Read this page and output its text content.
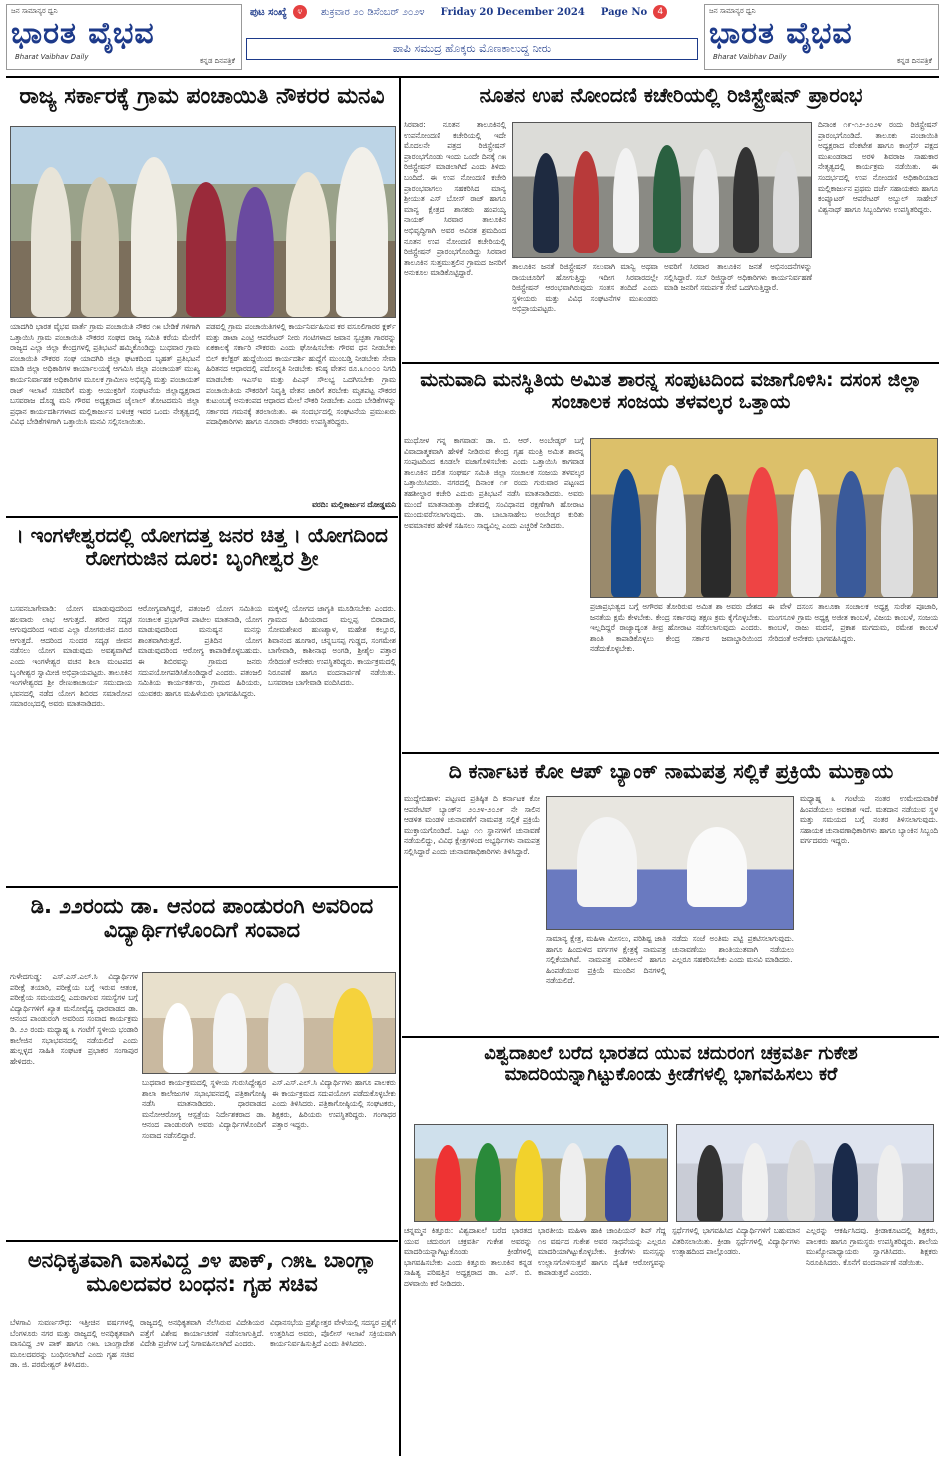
ಜನ ಸಾಮಾನ್ಯರ ಧ್ವನಿ
ಭಾರತ ವೈಭವ
Bharat Vaibhav Daily	ಕನ್ನಡ ದಿನಪತ್ರಿಕೆ
ಜನ ಸಾಮಾನ್ಯರ ಧ್ವನಿ
ಭಾರತ ವೈಭವ
Bharat Vaibhav Daily	ಕನ್ನಡ ದಿನಪತ್ರಿಕೆ
ಪುಟ ಸಂಖ್ಯೆ	೪	ಶುಕ್ರವಾರ ೨೦ ಡಿಸೆಂಬರ್ ೨೦೨೪ Friday 20 December 2024 Page No	4
ಪಾಪಿ ಸಮುದ್ರ ಹೊಕ್ಕರು ಮೊಣಕಾಲುದ್ದ ನೀರು
ರಾಜ್ಯ ಸರ್ಕಾರಕ್ಕೆ ಗ್ರಾಮ ಪಂಚಾಯಿತಿ ನೌಕರರ ಮನವಿ
ಯಾದಗಿರಿ ಭಾರತ ವೈಭವ ವಾರ್ತೆ ಗ್ರಾಮ ಪಂಚಾಯಿತಿ ನೌಕರ ೧೫ ಬೇಡಿಕೆ ಗಳಿಗಾಗಿ ಒತ್ತಾಯಿಸಿ ಗ್ರಾಮ ಪಂಚಾಯಿತಿ ನೌಕರರ ಸಂಘದ ರಾಜ್ಯ ಸಮಿತಿ ಕರೆಯ ಮೇರೆಗೆ ರಾಜ್ಯದ ಎಲ್ಲಾ ಜಿಲ್ಲಾ ಕೇಂದ್ರಗಳಲ್ಲಿ ಪ್ರತಿಭಟನೆ ಹಮ್ಮಿಕೊಂಡಿದ್ದು ಬುಧವಾರ ಗ್ರಾಮ ಪಂಚಾಯಿತಿ ನೌಕರರ ಸಂಘ ಯಾದಗಿರಿ ಜಿಲ್ಲಾ ಘಟಕದಿಂದ ಬೃಹತ್ ಪ್ರತಿಭಟನೆ ಮಾಡಿ ಜಿಲ್ಲಾ ಅಧಿಕಾರಿಗಳ ಕಾರ್ಯಾಲಯಕ್ಕೆ ಆಗಮಿಸಿ ಜಿಲ್ಲಾ ಪಂಚಾಯತ್ ಮುಖ್ಯ ಕಾರ್ಯನಿರ್ವಾಹಕ ಅಧಿಕಾರಿಗಳ ಮೂಲಕ ಗ್ರಾಮೀಣ ಅಭಿವೃದ್ಧಿ ಮತ್ತು ಪಂಚಾಯತ್ ರಾಜ್ ಇಲಾಖೆ ಸಚಿವರಿಗೆ ಮತ್ತು ಆಯುಕ್ತರಿಗೆ ಸಂಘಟನೆಯ ಜಿಲ್ಲಾಧ್ಯಕ್ಷರಾದ ಬಸವರಾಜ ದೊಡ್ಡ ಮನಿ ಗೌರವ ಅಧ್ಯಕ್ಷರಾದ ಜೈಲಾಲ್ ತೋಟದಮನಿ ಜಿಲ್ಲಾ ಪ್ರಧಾನ ಕಾರ್ಯದರ್ಶಿಗಳಾದ ಮಲ್ಲಿಕಾರ್ಜುನ ಬಳಿಚಕ್ರ ಇವರ ಒಂದು ನೇತೃತ್ವದಲ್ಲಿ ವಿವಿಧ ಬೇಡಿಕೆಗಳಿಗಾಗಿ ಒತ್ತಾಯಿಸಿ ಮನವಿ ಸಲ್ಲಿಸಲಾಯಿತು.
ಪಡವಲ್ಲಿ ಗ್ರಾಮ ಪಂಚಾಯಿತಿಗಳಲ್ಲಿ ಕಾರ್ಯನಿರ್ವಹಿಸುವ ಕರ ವಸೂಲಿಗಾರರ ಕ್ಲರ್ಕ್ ಮತ್ತು ಡಾಟಾ ಎಂಟ್ರಿ ಆಪರೇಟರ್ ನೀರು ಗಂಟಿಗಳಾದ ಜವಾನ ಸ್ವಚ್ಛತಾ ಗಾರರನ್ನು ಏಕಕಾಲಕ್ಕೆ ಸರ್ಕಾರಿ ನೌಕರರು ಎಂದು ಘೋಷಿಸಬೇಕು ಗೌರವ ಧನ ನೀಡಬೇಕು ಬಿಲ್ ಕಲೆಕ್ಟರ್ ಹುದ್ದೆಯಿಂದ ಕಾರ್ಯದರ್ಶಿ ಹುದ್ದೆಗೆ ಮುಂಬಡ್ತಿ ನೀಡಬೇಕು ಸೇವಾ ಹಿರಿತನದ ಆಧಾರದಲ್ಲಿ ಪದೋನ್ನತಿ ನೀಡಬೇಕು ಕನಿಷ್ಠ ವೇತನ ರೂ.೩೧೦೦೦ ನಿಗದಿ ಮಾಡಬೇಕು ಇಎಸ್ಐ ಮತ್ತು ಪಿಎಫ್ ಸೌಲಭ್ಯ ಒದಗಿಸಬೇಕು ಗ್ರಾಮ ಪಂಚಾಯಿತಿಯ ನೌಕರರಿಗೆ ನಿವೃತ್ತಿ ವೇತನ ಜಾರಿಗೆ ತರಬೇಕು ಮೃತಪಟ್ಟ ನೌಕರರ ಕುಟುಂಬಕ್ಕೆ ಅನುಕಂಪದ ಆಧಾರದ ಮೇಲೆ ನೌಕರಿ ನೀಡಬೇಕು ಎಂದು ಬೇಡಿಕೆಗಳನ್ನು ಸರ್ಕಾರದ ಗಮನಕ್ಕೆ ತರಲಾಯಿತು. ಈ ಸಂದರ್ಭದಲ್ಲಿ ಸಂಘಟನೆಯ ಪ್ರಮುಖರು ಪದಾಧಿಕಾರಿಗಳು ಹಾಗೂ ನೂರಾರು ನೌಕರರು ಉಪಸ್ಥಿತರಿದ್ದರು.
ವರದಿ: ಮಲ್ಲಿಕಾರ್ಜುನ ದೋಡ್ಡಮನಿ
। ಇಂಗಳೇಶ್ವರದಲ್ಲಿ ಯೋಗದತ್ತ ಜನರ ಚಿತ್ತ । ಯೋಗದಿಂದ ರೋಗರುಜಿನ ದೂರ: ಬೃಂಗೀಶ್ವರ ಶ್ರೀ
ಬಸವನಬಾಗೇವಾಡಿ: ಯೋಗ ಮಾಡುವುದರಿಂದ ಹಲವಾರು ಲಾಭ ಆಗುತ್ತದೆ. ಶರೀರ ಸದೃಢ ಆಗುವುದರಿಂದ ಇರುವ ಎಲ್ಲಾ ರೋಗರುಜಿನ ದೂರ ಆಗುತ್ತದೆ. ಆದರಿಂದ ಸುಂದರ ಸದೃಢ ಜೀವನ ನಡೆಸಲು ಯೋಗ ಮಾಡುವುದು ಅವಶ್ಯವಾಗಿದೆ ಎಂದು ಇಂಗಳೇಶ್ವರ ವಚನ ಶಿಲಾ ಮಂಟಪದ ಬೃಂಗೀಶ್ವರ ಸ್ವಾಮೀಜಿ ಅಭಿಪ್ರಾಯಪಟ್ಟರು. ತಾಲೂಕಿನ ಇಂಗಳೇಶ್ವರದ ಶ್ರೀ ರೇಣುಕಾಚಾರ್ಯ ಸಮುದಾಯ ಭವನದಲ್ಲಿ ನಡೆದ ಯೋಗ ಶಿಬಿರದ ಸಮಾರೋಪ ಸಮಾರಂಭದಲ್ಲಿ ಅವರು ಮಾತನಾಡಿದರು.
ಆರೋಗ್ಯವಾಗಿದ್ದರೆ, ಪತಂಜಲಿ ಯೋಗ ಸಮಿತಿಯ ಸಂಚಾಲಕ ಪ್ರಭಾಗೌಡ ಪಾಟೀಲ ಮಾತನಾಡಿ, ಯೋಗ ಮಾಡುವುದರಿಂದ ಮನುಷ್ಯನ ಮನಸ್ಸು ಶಾಂತವಾಗಿರುತ್ತದೆ. ಪ್ರತಿದಿನ ಯೋಗ ಮಾಡುವುದರಿಂದ ಆರೋಗ್ಯ ಕಾಪಾಡಿಕೊಳ್ಳಬಹುದು. ಈ ಶಿಬಿರವನ್ನು ಗ್ರಾಮದ ಜನರು ಸದುಪಯೋಗಪಡಿಸಿಕೊಂಡಿದ್ದಾರೆ ಎಂದರು. ಪತಂಜಲಿ ಸಮಿತಿಯ ಕಾರ್ಯಕರ್ತರು, ಗ್ರಾಮದ ಹಿರಿಯರು, ಯುವಕರು ಹಾಗೂ ಮಹಿಳೆಯರು ಭಾಗವಹಿಸಿದ್ದರು.
ಮಕ್ಕಳಲ್ಲಿ ಯೋಗದ ಜಾಗೃತಿ ಮೂಡಿಸಬೇಕು ಎಂದರು. ಗ್ರಾಮದ ಹಿರಿಯರಾದ ಮಲ್ಲಪ್ಪ ಬಿರಾದಾರ, ಸೋಮಶೇಖರ ಹುಣಶ್ಯಾಳ, ಮಹೇಶ ಕಲ್ಲೂರ, ಶಿವಾನಂದ ಹೂಗಾರ, ಚನ್ನಬಸಪ್ಪ ಗುಡ್ಡದ, ಸಂಗಮೇಶ ಬಾಗೇವಾಡಿ, ಕಾಶೀನಾಥ ಅಂಗಡಿ, ಶ್ರೀಶೈಲ ಪತ್ತಾರ ಸೇರಿದಂತೆ ಅನೇಕರು ಉಪಸ್ಥಿತರಿದ್ದರು. ಕಾರ್ಯಕ್ರಮದಲ್ಲಿ ನಿರೂಪಣೆ ಹಾಗೂ ವಂದನಾರ್ಪಣೆ ನಡೆಯಿತು. ಬಸವರಾಜ ಬಾಗೇವಾಡಿ ವಂದಿಸಿದರು.
ಡಿ. ೨೨ರಂದು ಡಾ. ಆನಂದ ಪಾಂಡುರಂಗಿ ಅವರಿಂದ ವಿದ್ಯಾರ್ಥಿಗಳೊಂದಿಗೆ ಸಂವಾದ
ಗುಳೇದಗುಡ್ಡ: ಎಸ್.ಎಸ್.ಎಲ್.ಸಿ ವಿದ್ಯಾರ್ಥಿಗಳ ಪರೀಕ್ಷೆ ತಯಾರಿ, ಪರೀಕ್ಷೆಯ ಬಗ್ಗೆ ಇರುವ ಆತಂಕ, ಪರೀಕ್ಷೆಯ ಸಮಯದಲ್ಲಿ ಎದುರಾಗುವ ಸಮಸ್ಯೆಗಳ ಬಗ್ಗೆ ವಿದ್ಯಾರ್ಥಿಗಳಿಗೆ ಖ್ಯಾತ ಮನೋವೈದ್ಯ ಧಾರವಾಡದ ಡಾ. ಆನಂದ ಪಾಂಡುರಂಗಿ ಅವರಿಂದ ಸಂವಾದ ಕಾರ್ಯಕ್ರಮ ಡಿ. ೨೨ ರಂದು ಮಧ್ಯಾಹ್ನ ೩ ಗಂಟೆಗೆ ಸ್ಥಳೀಯ ಭಂಡಾರಿ ಕಾಲೇಜಿನ ಸಭಾಭವನದಲ್ಲಿ ನಡೆಯಲಿದೆ ಎಂದು ಹುಲ್ಲಳ್ಳದ ಸಾಹಿತಿ ಸಂಘಟಕ ಪ್ರಭಾಕರ ಸಂಗಾಪುರ ಹೇಳಿದರು.
ಬುಧವಾರ ಕಾರ್ಯಕ್ರಮದಲ್ಲಿ ಸ್ಥಳೀಯ ಗುರುಸಿದ್ದೇಶ್ವರ ಶಾಲಾ ಕಾಲೇಜುಗಳ ಸಭಾಭವನದಲ್ಲಿ ಪತ್ರಿಕಾಗೋಷ್ಠಿ ನಡೆಸಿ ಮಾತನಾಡಿದರು. ಧಾರವಾಡದ ಮನೋಆರೋಗ್ಯ ಆಸ್ಪತ್ರೆಯ ನಿರ್ದೇಶಕರಾದ ಡಾ. ಆನಂದ ಪಾಂಡುರಂಗಿ ಅವರು ವಿದ್ಯಾರ್ಥಿಗಳೊಂದಿಗೆ ಸಂವಾದ ನಡೆಸಲಿದ್ದಾರೆ.
ಎಸ್.ಎಸ್.ಎಲ್.ಸಿ ವಿದ್ಯಾರ್ಥಿಗಳು ಹಾಗೂ ಪಾಲಕರು ಈ ಕಾರ್ಯಕ್ರಮದ ಸದುಪಯೋಗ ಪಡೆದುಕೊಳ್ಳಬೇಕು ಎಂದು ತಿಳಿಸಿದರು. ಪತ್ರಿಕಾಗೋಷ್ಠಿಯಲ್ಲಿ ಸಂಘಟಕರು, ಶಿಕ್ಷಕರು, ಹಿರಿಯರು ಉಪಸ್ಥಿತರಿದ್ದರು. ಗಂಗಾಧರ ಪತ್ತಾರ ಇದ್ದರು.
ಅನಧಿಕೃತವಾಗಿ ವಾಸವಿದ್ದ ೨೪ ಪಾಕ್, ೧೫೬ ಬಾಂಗ್ಲಾ ಮೂಲದವರ ಬಂಧನ: ಗೃಹ ಸಚಿವ
ಬೆಳಗಾವಿ ಸುವರ್ಣಸೌಧ: ಇತ್ತೀಚಿನ ವರ್ಷಗಳಲ್ಲಿ ಬೆಂಗಳೂರು ನಗರ ಮತ್ತು ರಾಜ್ಯದಲ್ಲಿ ಅನಧಿಕೃತವಾಗಿ ವಾಸವಿದ್ದ ೨೪ ಪಾಕ್ ಹಾಗೂ ೧೫೬ ಬಾಂಗ್ಲಾದೇಶ ಮೂಲದವರನ್ನು ಬಂಧಿಸಲಾಗಿದೆ ಎಂದು ಗೃಹ ಸಚಿವ ಡಾ. ಜಿ. ಪರಮೇಶ್ವರ್ ತಿಳಿಸಿದರು.
ರಾಜ್ಯದಲ್ಲಿ ಅನಧಿಕೃತವಾಗಿ ನೆಲೆಸಿರುವ ವಿದೇಶಿಯರ ಪತ್ತೆಗೆ ವಿಶೇಷ ಕಾರ್ಯಾಚರಣೆ ನಡೆಸಲಾಗುತ್ತಿದೆ. ವಿದೇಶಿ ಪ್ರಜೆಗಳ ಬಗ್ಗೆ ನಿಗಾವಹಿಸಲಾಗಿದೆ ಎಂದರು.
ವಿಧಾನಸಭೆಯ ಪ್ರಶ್ನೋತ್ತರ ವೇಳೆಯಲ್ಲಿ ಸದಸ್ಯರ ಪ್ರಶ್ನೆಗೆ ಉತ್ತರಿಸಿದ ಅವರು, ಪೊಲೀಸ್ ಇಲಾಖೆ ಸಕ್ರಿಯವಾಗಿ ಕಾರ್ಯನಿರ್ವಹಿಸುತ್ತಿದೆ ಎಂದು ತಿಳಿಸಿದರು.
ನೂತನ ಉಪ ನೋಂದಣಿ ಕಚೇರಿಯಲ್ಲಿ ರಿಜಿಸ್ಟ್ರೇಷನ್ ಪ್ರಾರಂಭ
ಸಿರವಾರ: ನೂತನ ತಾಲೂಕಿನಲ್ಲಿ ಉಪನೋಂದಣಿ ಕಚೇರಿಯಲ್ಲಿ ಇದೇ ಮೊದಲನೇ ಪತ್ರದ ರಿಜಿಸ್ಟ್ರೇಷನ್ ಪ್ರಾರಂಭಗೊಂಡು ಇಂದು ಒಂದೇ ದಿನಕ್ಕೆ ೧೫ ರಿಜಿಸ್ಟ್ರೇಷನ್ ಮಾಡಲಾಗಿದೆ ಎಂದು ತಿಳಿದು ಬಂದಿದೆ. ಈ ಉಪ ನೋಂದಣಿ ಕಚೇರಿ ಪ್ರಾರಂಭವಾಗಲು ಸಹಕರಿಸಿದ ಮಾನ್ಯ ಶ್ರೀಯುತ ಎಸ್ ಬೋಸ್ ರಾಜ್ ಹಾಗೂ ಮಾನ್ಯ ಕ್ಷೇತ್ರದ ಶಾಸಕರು ಹಂಪಯ್ಯ ನಾಯಕ್ ಸಿರವಾರ ತಾಲೂಕಿನ ಅಭಿವೃದ್ಧಿಗಾಗಿ ಅವರ ಅವಿರತ ಶ್ರಮದಿಂದ ನೂತನ ಉಪ ನೋಂದಣಿ ಕಚೇರಿಯಲ್ಲಿ ರಿಜಿಸ್ಟ್ರೇಷನ್ ಪ್ರಾರಂಭಗೊಂಡಿದ್ದು ಸಿರವಾರ ತಾಲೂಕಿನ ಸುತ್ತಮುತ್ತಲಿನ ಗ್ರಾಮದ ಜನರಿಗೆ ಅನುಕೂಲ ಮಾಡಿಕೊಟ್ಟಿದ್ದಾರೆ.
ತಾಲೂಕಿನ ಜನತೆ ರಿಜಿಸ್ಟ್ರೇಷನ್ ಸಲುವಾಗಿ ಮಾನ್ವಿ ಅಥವಾ ರಾಯಚೂರಿಗೆ ಹೋಗುತ್ತಿದ್ದು ಇದೀಗ ಸಿರವಾರದಲ್ಲೇ ರಿಜಿಸ್ಟ್ರೇಷನ್ ಆರಂಭವಾಗಿರುವುದು ಸಂತಸ ತಂದಿದೆ ಎಂದು ಸ್ಥಳೀಯರು ಮತ್ತು ವಿವಿಧ ಸಂಘಟನೆಗಳ ಮುಖಂಡರು ಅಭಿಪ್ರಾಯಪಟ್ಟರು.
ಅವರಿಗೆ ಸಿರವಾರ ತಾಲೂಕಿನ ಜನತೆ ಅಭಿನಂದನೆಗಳನ್ನು ಸಲ್ಲಿಸಿದ್ದಾರೆ. ಸಬ್ ರಿಜಿಸ್ಟ್ರಾರ್ ಅಧಿಕಾರಿಗಳು ಕಾರ್ಯನಿರ್ವಹಣೆ ಮಾಡಿ ಜನರಿಗೆ ಸಮರ್ಪಕ ಸೇವೆ ಒದಗಿಸುತ್ತಿದ್ದಾರೆ.
ದಿನಾಂಕ ೧೯-೧೨-೨೦೨೪ ರಂದು ರಿಜಿಸ್ಟ್ರೇಷನ್ ಪ್ರಾರಂಭಗೊಂಡಿದೆ. ತಾಲೂಕು ಪಂಚಾಯಿತಿ ಅಧ್ಯಕ್ಷರಾದ ವೆಂಕಟೇಶ ಹಾಗೂ ಕಾಂಗ್ರೆಸ್ ಪಕ್ಷದ ಮುಖಂಡರಾದ ಅರಳಿ ಶಿವರಾಜ ಸಾಹುಕಾರ ನೇತೃತ್ವದಲ್ಲಿ ಕಾರ್ಯಕ್ರಮ ನಡೆಯಿತು. ಈ ಸಂದರ್ಭದಲ್ಲಿ ಉಪ ನೋಂದಣಿ ಅಧಿಕಾರಿಯಾದ ಮಲ್ಲಿಕಾರ್ಜುನ ಪ್ರಥಮ ದರ್ಜೆ ಸಹಾಯಕರು ಹಾಗೂ ಕಂಪ್ಯೂಟರ್ ಆಪರೇಟರ್ ಅಬ್ದುಲ್ ಸಾಹೇಬ್ ವಿಶ್ವನಾಥ್ ಹಾಗೂ ಸಿಬ್ಬಂದಿಗಳು ಉಪಸ್ಥಿತರಿದ್ದರು.
ಮನುವಾದಿ ಮನಸ್ಥಿತಿಯ ಅಮಿತ ಶಾರನ್ನ ಸಂಪುಟದಿಂದ ವಜಾಗೊಳಿಸಿ: ದಸಂಸ ಜಿಲ್ಲಾ ಸಂಚಾಲಕ ಸಂಜಯ ತಳವಲ್ಕರ ಒತ್ತಾಯ
ಮುಧೋಳ ಗನ್ನ ಕಾಗವಾಡ: ಡಾ. ಬಿ. ಆರ್. ಅಂಬೇಡ್ಕರ್ ಬಗ್ಗೆ ವಿವಾದಾತ್ಮಕವಾಗಿ ಹೇಳಿಕೆ ನೀಡಿರುವ ಕೇಂದ್ರ ಗೃಹ ಮಂತ್ರಿ ಅಮಿತ ಶಾರನ್ನ ಸಂಪುಟದಿಂದ ಕೂಡಲೇ ವಜಾಗೊಳಿಸಬೇಕು ಎಂದು ಒತ್ತಾಯಿಸಿ ಕಾಗವಾಡ ತಾಲೂಕಿನ ದಲಿತ ಸಂಘರ್ಷ ಸಮಿತಿ ಜಿಲ್ಲಾ ಸಂಚಾಲಕ ಸಂಜಯ ತಳವಲ್ಕರ ಒತ್ತಾಯಿಸಿದರು. ನಗರದಲ್ಲಿ ದಿನಾಂಕ ೧೯ ರಂದು ಗುರುವಾರ ಪಟ್ಟಣದ ತಹಶೀಲ್ದಾರ ಕಚೇರಿ ಎದುರು ಪ್ರತಿಭಟನೆ ನಡೆಸಿ ಮಾತನಾಡಿದರು. ಅವರು ಮುಂದೆ ಮಾತನಾಡುತ್ತಾ ದೇಶದಲ್ಲಿ ಸಂವಿಧಾನದ ರಕ್ಷಣೆಗಾಗಿ ಹೋರಾಟ ಮುಂದುವರೆಸಲಾಗುವುದು. ಡಾ. ಬಾಬಾಸಾಹೇಬ ಅಂಬೇಡ್ಕರ ಕುರಿತು ಅವಮಾನಕರ ಹೇಳಿಕೆ ಸಹಿಸಲು ಸಾಧ್ಯವಿಲ್ಲ ಎಂದು ಎಚ್ಚರಿಕೆ ನೀಡಿದರು.
ಪ್ರಜಾಪ್ರಭುತ್ವದ ಬಗ್ಗೆ ಅಗೌರವ ತೋರಿರುವ ಅಮಿತ ಶಾ ಅವರು ದೇಶದ ಜನತೆಯ ಕ್ಷಮೆ ಕೇಳಬೇಕು. ಕೇಂದ್ರ ಸರ್ಕಾರವು ತಕ್ಷಣ ಕ್ರಮ ಕೈಗೊಳ್ಳಬೇಕು. ಇಲ್ಲದಿದ್ದರೆ ರಾಜ್ಯಾದ್ಯಂತ ತೀವ್ರ ಹೋರಾಟ ನಡೆಸಲಾಗುವುದು ಎಂದರು. ಶಾಂತಿ ಕಾಪಾಡಿಕೊಳ್ಳಲು ಕೇಂದ್ರ ಸರ್ಕಾರ ಜವಾಬ್ದಾರಿಯಿಂದ ನಡೆದುಕೊಳ್ಳಬೇಕು.
ಈ ವೇಳೆ ದಸಂಸ ತಾಲೂಕಾ ಸಂಚಾಲಕ ಅಧ್ಯಕ್ಷ ಸುರೇಶ ಪೂಜಾರಿ, ಮಂಗಸೂಳಿ ಗ್ರಾಮ ಅಧ್ಯಕ್ಷ ಅಜೀತ ಕಾಂಬಳೆ, ವಿಜಯ ಕಾಂಬಳೆ, ಸಂಜಯ ಕಾಂಬಳೆ, ರಾಜು ಮದನೆ, ಪ್ರಕಾಶ ಮಗದುಮ, ರಮೇಶ ಕಾಂಬಳೆ ಸೇರಿದಂತೆ ಅನೇಕರು ಭಾಗವಹಿಸಿದ್ದರು.
ದಿ ಕರ್ನಾಟಕ ಕೋ ಆಪ್ ಬ್ಯಾಂಕ್ ನಾಮಪತ್ರ ಸಲ್ಲಿಕೆ ಪ್ರಕ್ರಿಯೆ ಮುಕ್ತಾಯ
ಮುದ್ದೇಬಿಹಾಳ: ಪಟ್ಟಣದ ಪ್ರತಿಷ್ಠಿತ ದಿ ಕರ್ನಾಟಕ ಕೋ ಆಪರೇಟಿವ್ ಬ್ಯಾಂಕ್‌ನ ೨೦೨೪-೨೦೨೯ ನೇ ಸಾಲಿನ ಆಡಳಿತ ಮಂಡಳಿ ಚುನಾವಣೆಗೆ ನಾಮಪತ್ರ ಸಲ್ಲಿಕೆ ಪ್ರಕ್ರಿಯೆ ಮುಕ್ತಾಯಗೊಂಡಿದೆ. ಒಟ್ಟು ೧೧ ಸ್ಥಾನಗಳಿಗೆ ಚುನಾವಣೆ ನಡೆಯಲಿದ್ದು, ವಿವಿಧ ಕ್ಷೇತ್ರಗಳಿಂದ ಅಭ್ಯರ್ಥಿಗಳು ನಾಮಪತ್ರ ಸಲ್ಲಿಸಿದ್ದಾರೆ ಎಂದು ಚುನಾವಣಾಧಿಕಾರಿಗಳು ತಿಳಿಸಿದ್ದಾರೆ.
ಸಾಮಾನ್ಯ ಕ್ಷೇತ್ರ, ಮಹಿಳಾ ಮೀಸಲು, ಪರಿಶಿಷ್ಟ ಜಾತಿ ಹಾಗೂ ಹಿಂದುಳಿದ ವರ್ಗಗಳ ಕ್ಷೇತ್ರಕ್ಕೆ ನಾಮಪತ್ರ ಸಲ್ಲಿಕೆಯಾಗಿವೆ. ನಾಮಪತ್ರ ಪರಿಶೀಲನೆ ಹಾಗೂ ಹಿಂಪಡೆಯುವ ಪ್ರಕ್ರಿಯೆ ಮುಂದಿನ ದಿನಗಳಲ್ಲಿ ನಡೆಯಲಿದೆ.
ನಡೆದು ಸಂಜೆ ಅಂತಿಮ ಪಟ್ಟಿ ಪ್ರಕಟಿಸಲಾಗುವುದು. ಚುನಾವಣೆಯು ಶಾಂತಿಯುತವಾಗಿ ನಡೆಯಲು ಎಲ್ಲರೂ ಸಹಕರಿಸಬೇಕು ಎಂದು ಮನವಿ ಮಾಡಿದರು.
ಮಧ್ಯಾಹ್ನ ೩ ಗಂಟೆಯ ನಂತರ ಉಮೇದುವಾರಿಕೆ ಹಿಂಪಡೆಯಲು ಅವಕಾಶ ಇದೆ. ಮತದಾನ ನಡೆಯುವ ಸ್ಥಳ ಮತ್ತು ಸಮಯದ ಬಗ್ಗೆ ನಂತರ ತಿಳಿಸಲಾಗುವುದು. ಸಹಾಯಕ ಚುನಾವಣಾಧಿಕಾರಿಗಳು ಹಾಗೂ ಬ್ಯಾಂಕಿನ ಸಿಬ್ಬಂದಿ ವರ್ಗದವರು ಇದ್ದರು.
ವಿಶ್ವದಾಖಲೆ ಬರೆದ ಭಾರತದ ಯುವ ಚದುರಂಗ ಚಕ್ರವರ್ತಿ ಗುಕೇಶ ಮಾದರಿಯನ್ನಾಗಿಟ್ಟುಕೊಂಡು ಕ್ರೀಡೆಗಳಲ್ಲಿ ಭಾಗವಹಿಸಲು ಕರೆ
ಚನ್ನಮ್ಮನ ಕಿತ್ತೂರು: ವಿಶ್ವದಾಖಲೆ ಬರೆದ ಭಾರತದ ಯುವ ಚದುರಂಗ ಚಕ್ರವರ್ತಿ ಗುಕೇಶ ಅವರನ್ನು ಮಾದರಿಯನ್ನಾಗಿಟ್ಟುಕೊಂಡು ಕ್ರೀಡೆಗಳಲ್ಲಿ ಭಾಗವಹಿಸಬೇಕು ಎಂದು ಕಿತ್ತೂರು ತಾಲೂಕಿನ ಕನ್ನಡ ಸಾಹಿತ್ಯ ಪರಿಷತ್ತಿನ ಅಧ್ಯಕ್ಷರಾದ ಡಾ. ಎಸ್. ಬಿ. ದಳವಾಯಿ ಕರೆ ನೀಡಿದರು.
ಭಾರತೀಯ ಮಹಿಳಾ ಹಾಕಿ ಚಾಂಪಿಯನ್ ಶಿಪ್ ಗೆದ್ದ ೧೮ ವರ್ಷದ ಗುಕೇಶ ಅವರ ಸಾಧನೆಯನ್ನು ಎಲ್ಲರೂ ಮಾದರಿಯಾಗಿಟ್ಟುಕೊಳ್ಳಬೇಕು. ಕ್ರೀಡೆಗಳು ಮನಸ್ಸನ್ನು ಉಲ್ಲಾಸಗೊಳಿಸುತ್ತವೆ ಹಾಗೂ ದೈಹಿಕ ಆರೋಗ್ಯವನ್ನು ಕಾಪಾಡುತ್ತವೆ ಎಂದರು.
ಸ್ಪರ್ಧೆಗಳಲ್ಲಿ ಭಾಗವಹಿಸಿದ ವಿದ್ಯಾರ್ಥಿಗಳಿಗೆ ಬಹುಮಾನ ವಿತರಿಸಲಾಯಿತು. ಕ್ರೀಡಾ ಸ್ಪರ್ಧೆಗಳಲ್ಲಿ ವಿದ್ಯಾರ್ಥಿಗಳು ಉತ್ಸಾಹದಿಂದ ಪಾಲ್ಗೊಂಡರು.
ಎಲ್ಲರನ್ನು ಆಕರ್ಷಿಸಿದವು. ಕ್ರೀಡಾಕೂಟದಲ್ಲಿ ಶಿಕ್ಷಕರು, ಪಾಲಕರು ಹಾಗೂ ಗ್ರಾಮಸ್ಥರು ಉಪಸ್ಥಿತರಿದ್ದರು. ಶಾಲೆಯ ಮುಖ್ಯೋಪಾಧ್ಯಾಯರು ಸ್ವಾಗತಿಸಿದರು. ಶಿಕ್ಷಕರು ನಿರೂಪಿಸಿದರು. ಕೊನೆಗೆ ವಂದನಾರ್ಪಣೆ ನಡೆಯಿತು.
